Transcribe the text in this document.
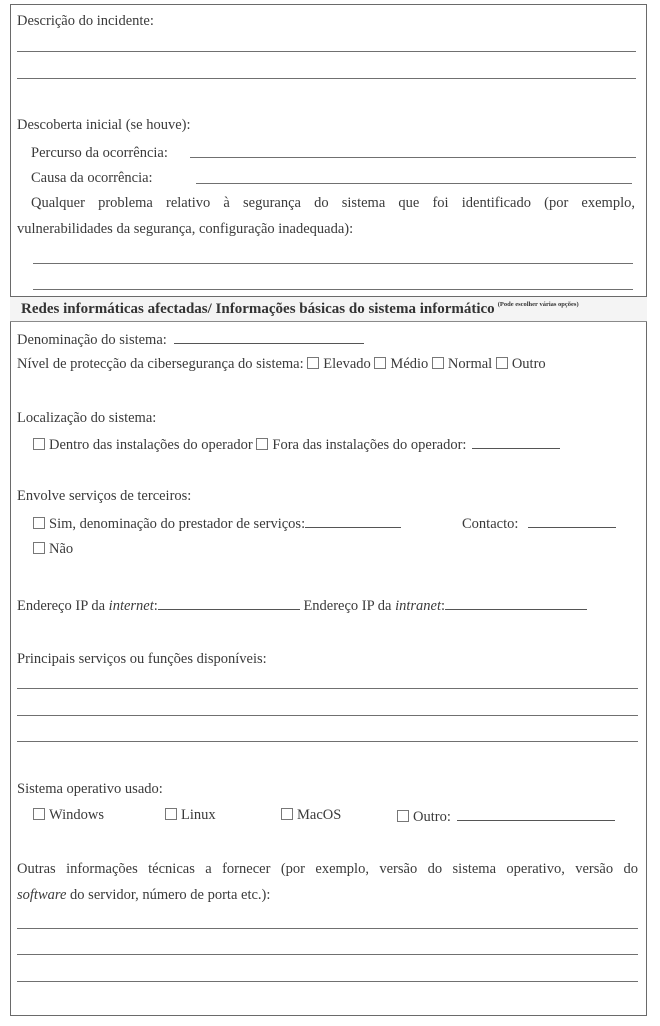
Descrição do incidente:
Descoberta inicial (se houve):
Percurso da ocorrência:
Causa da ocorrência:
Qualquer problema relativo à segurança do sistema que foi identificado (por exemplo,
vulnerabilidades da segurança, configuração inadequada):
Redes informáticas afectadas/ Informações básicas do sistema informático $^{(Pode escolher várias opções)}$
Denominação do sistema:
Nível de protecção da cibersegurança do sistema: Elevado Médio Normal Outro
Localização do sistema:
Dentro das instalações do operador Fora das instalações do operador:
Envolve serviços de terceiros:
Sim, denominação do prestador de serviços:	Contacto:
Não
Endereço IP da internet:	Endereço IP da intranet:
Principais serviços ou funções disponíveis:
Sistema operativo usado:
Windows	Linux	MacOS	Outro:
Outras informações técnicas a fornecer (por exemplo, versão do sistema operativo, versão do
software do servidor, número de porta etc.):
